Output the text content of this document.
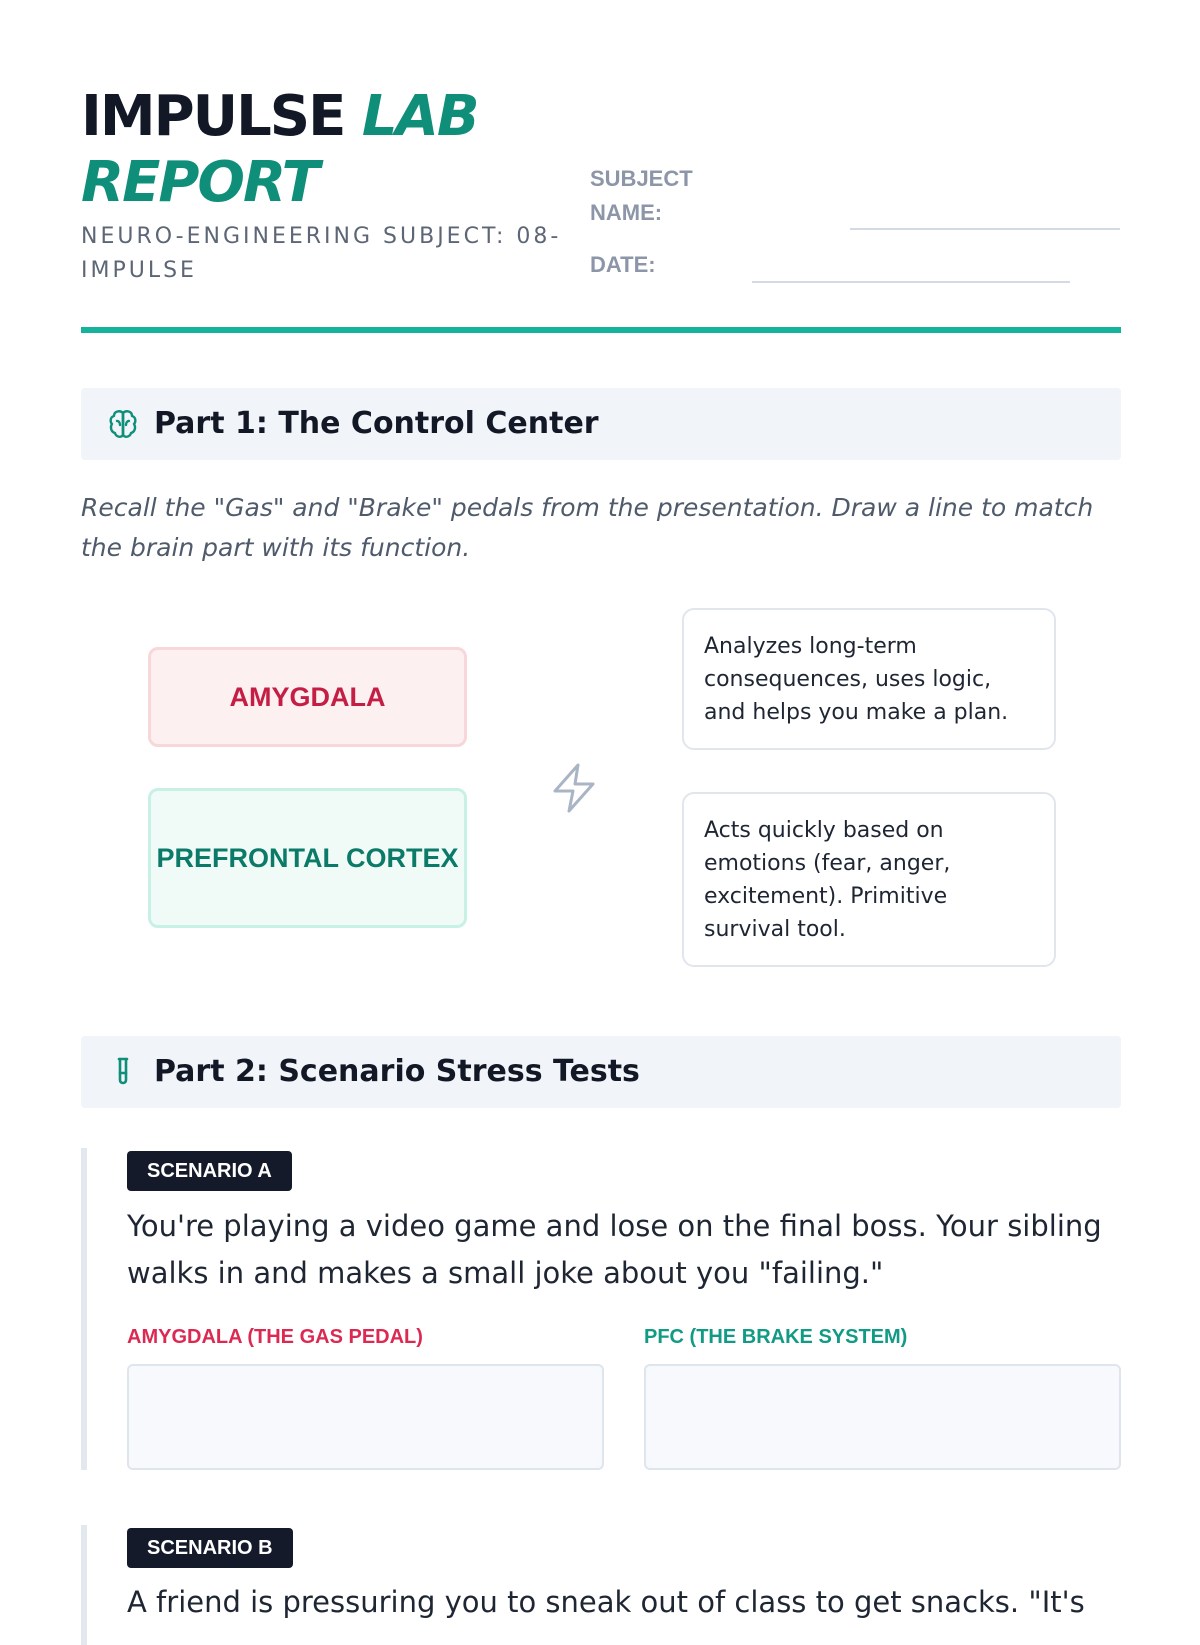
IMPULSE LAB REPORT
NEURO-ENGINEERING SUBJECT: 08-IMPULSE
SUBJECT NAME:
DATE:
Part 1: The Control Center
Recall the "Gas" and "Brake" pedals from the presentation. Draw a line to match the brain part with its function.
AMYGDALA
PREFRONTAL CORTEX
Analyzes long-term consequences, uses logic, and helps you make a plan.
Acts quickly based on emotions (fear, anger, excitement). Primitive survival tool.
Part 2: Scenario Stress Tests
SCENARIO A
You're playing a video game and lose on the final boss. Your sibling walks in and makes a small joke about you "failing."
AMYGDALA (THE GAS PEDAL)	PFC (THE BRAKE SYSTEM)
SCENARIO B
A friend is pressuring you to sneak out of class to get snacks. "It's
